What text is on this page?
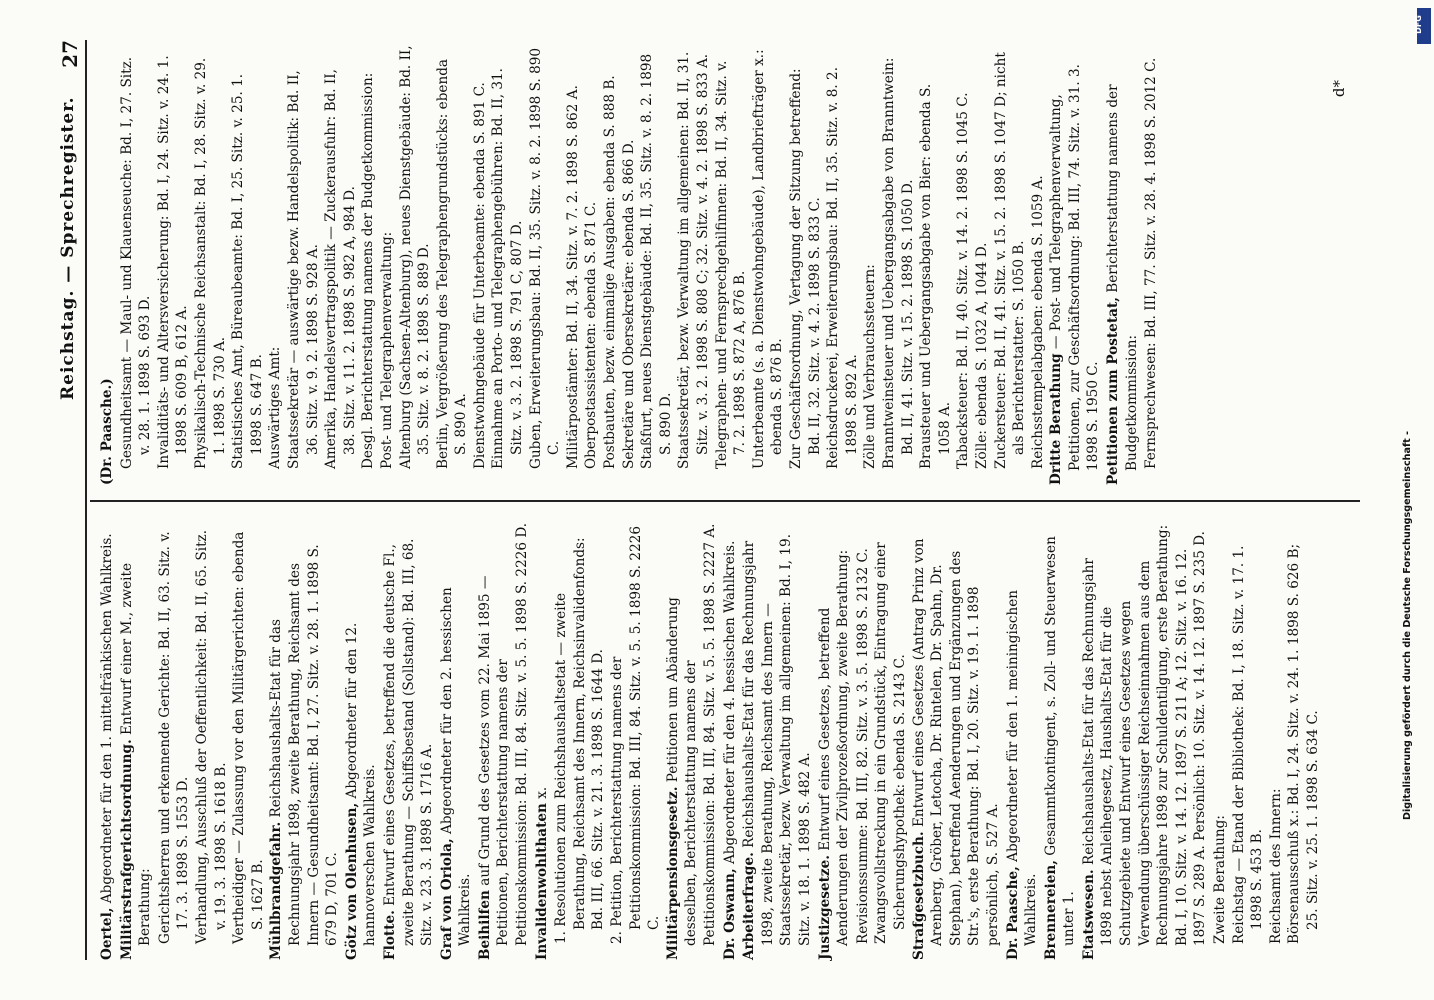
Reichstag. — Sprechregister.
27
Oertel, Abgeordneter für den 1. mittelfränkischen Wahlkreis. Militärstrafgerichtsordnung. Entwurf einer M., zweite Berathung: Gerichtsherren und erkennende Gerichte: Bd. II, 63. Sitz. v. 17. 3. 1898 S. 1553 D. Verhandlung, Ausschluß der Oeffentlichkeit: Bd. II, 65. Sitz. v. 19. 3. 1898 S. 1618 B. Vertheidiger — Zulassung vor den Militärgerichten: ebenda S. 1627 B. Mühlbrandgefahr. Reichshaushalts-Etat für das Rechnungsjahr 1898, zweite Berathung, Reichsamt des Innern — Gesundheitsamt: Bd. I, 27. Sitz. v. 28. 1. 1898 S. 679 D, 701 C. Götz von Olenhusen, Abgeordneter für den 12. hannoverschen Wahlkreis. Flotte. Entwurf eines Gesetzes, betreffend die deutsche Fl., zweite Berathung — Schiffsbestand (Sollstand): Bd. III, 68. Sitz. v. 23. 3. 1898 S. 1716 A. Graf von Oriola, Abgeordneter für den 2. hessischen Wahlkreis. Beihilfen auf Grund des Gesetzes vom 22. Mai 1895 — Petitionen, Berichterstattung namens der Petitionskommission: Bd. III, 84. Sitz. v. 5. 5. 1898 S. 2226 D. Invalidenwohlthaten x. 1. Resolutionen zum Reichshaushaltsetat — zweite Berathung, Reichsamt des Innern, Reichsinvalidenfonds: Bd. III, 66. Sitz. v. 21. 3. 1898 S. 1644 D. 2. Petition, Berichterstattung namens der Petitionskommission: Bd. III, 84. Sitz. v. 5. 5. 1898 S. 2226 C. Militärpensionsgesetz. Petitionen um Abänderung desselben, Berichterstattung namens der Petitionskommission: Bd. III, 84. Sitz. v. 5. 5. 1898 S. 2227 A. Dr. Oswann, Abgeordneter für den 4. hessischen Wahlkreis.
Arbeiterfrage. Reichshaushalts-Etat für das Rechnungsjahr 1898, zweite Berathung, Reichsamt des Innern — Staatssekretär, bezw. Verwaltung im allgemeinen: Bd. I, 19. Sitz. v. 18. 1. 1898 S. 482 A. Justizgesetze. Entwurf eines Gesetzes, betreffend Aenderungen der Zivilprozeßordnung, zweite Berathung: Revisionssumme: Bd. III, 82. Sitz. v. 3. 5. 1898 S. 2132 C. Zwangsvollstreckung in ein Grundstück, Eintragung einer Sicherungshypothek: ebenda S. 2143 C. Strafgesetzbuch. Entwurf eines Gesetzes (Antrag Prinz von Arenberg, Gröber, Letocha, Dr. Rintelen, Dr. Spahn, Dr. Stephan), betreffend Aenderungen und Ergänzungen des Str.'s, erste Berathung: Bd. I, 20. Sitz. v. 19. 1. 1898 persönlich, S. 527 A. Dr. Paasche, Abgeordneter für den 1. meiningischen Wahlkreis. Brennereien, Gesammtkontingent, s. Zoll- und Steuerwesen unter 1. Etatswesen. Reichshaushalts-Etat für das Rechnungsjahr 1898 nebst Anleihegesetz, Haushalts-Etat für die Schutzgebiete und Entwurf eines Gesetzes wegen Verwendung überschüssiger Reichseinnahmen aus dem Rechnungsjahre 1898 zur Schuldentilgung, erste Berathung: Bd. I, 10. Sitz. v. 14. 12. 1897 S. 211 A; 12. Sitz. v. 16. 12. 1897 S. 289 A. Persönlich: 10. Sitz. v. 14. 12. 1897 S. 235 D. Zweite Berathung: Reichstag — Etand der Bibliothek: Bd. I, 18. Sitz. v. 17. 1. 1898 S. 453 B. Reichsamt des Innern: Börsenausschuß x.: Bd. I, 24. Sitz. v. 24. 1. 1898 S. 626 B; 25. Sitz. v. 25. 1. 1898 S. 634 C.
(Dr. Paasche.) Gesundheitsamt — Maul- und Klauenseuche: Bd. I, 27. Sitz. v. 28. 1. 1898 S. 693 D. Invaliditäts- und Altersversicherung: Bd. I, 24. Sitz. v. 24. 1. 1898 S. 609 B, 612 A. Physikalisch-Technische Reichsanstalt: Bd. I, 28. Sitz. v. 29. 1. 1898 S. 730 A. Statistisches Amt, Büreaubeamte: Bd. I, 25. Sitz. v. 25. 1. 1898 S. 647 B. Auswärtiges Amt: Staatssekretär — auswärtige bezw. Handelspolitik: Bd. II, 36. Sitz. v. 9. 2. 1898 S. 928 A. Amerika, Handelsvertragspolitik — Zuckerausfuhr: Bd. II, 38. Sitz. v. 11. 2. 1898 S. 982 A, 984 D. Desgl. Berichterstattung namens der Budgetkommission: Post- und Telegraphenverwaltung: Altenburg (Sachsen-Altenburg), neues Dienstgebäude: Bd. II, 35. Sitz. v. 8. 2. 1898 S. 889 D. Berlin, Vergrößerung des Telegraphengrundstücks: ebenda S. 890 A. Dienstwohngebäude für Unterbeamte: ebenda S. 891 C. Einnahme an Porto- und Telegraphengebühren: Bd. II, 31. Sitz. v. 3. 2. 1898 S. 791 C, 807 D. Guben, Erweiterungsbau: Bd. II, 35. Sitz. v. 8. 2. 1898 S. 890 C. Militärpostämter: Bd. II, 34. Sitz. v. 7. 2. 1898 S. 862 A. Oberpostassistenten: ebenda S. 871 C. Postbauten, bezw. einmalige Ausgaben: ebenda S. 888 B. Sekretäre und Obersekretäre: ebenda S. 866 D. Staßfurt, neues Dienstgebäude: Bd. II, 35. Sitz. v. 8. 2. 1898 S. 890 D. Staatssekretär, bezw. Verwaltung im allgemeinen: Bd. II, 31. Sitz. v. 3. 2. 1898 S. 808 C; 32. Sitz. v. 4. 2. 1898 S. 833 A. Telegraphen- und Fernsprechgehilfinnen: Bd. II, 34. Sitz. v. 7. 2. 1898 S. 872 A, 876 B. Unterbeamte (s. a. Dienstwohngebäude), Landbriefträger x.: ebenda S. 876 B. Zur Geschäftsordnung, Vertagung der Sitzung betreffend: Bd. II, 32. Sitz. v. 4. 2. 1898 S. 833 C. Reichsdruckerei, Erweiterungsbau: Bd. II, 35. Sitz. v. 8. 2. 1898 S. 892 A. Zölle und Verbrauchssteuern: Branntweinsteuer und Uebergangsabgabe von Branntwein: Bd. II, 41. Sitz. v. 15. 2. 1898 S. 1050 D. Brausteuer und Uebergangsabgabe von Bier: ebenda S. 1058 A. Tabacksteuer: Bd. II, 40. Sitz. v. 14. 2. 1898 S. 1045 C. Zölle: ebenda S. 1032 A, 1044 D. Zuckersteuer: Bd. II, 41. Sitz. v. 15. 2. 1898 S. 1047 D; nicht als Berichterstatter: S. 1050 B. Reichsstempelabgaben: ebenda S. 1059 A. Dritte Berathung — Post- und Telegraphenverwaltung, Petitionen, zur Geschäftsordnung: Bd. III, 74. Sitz. v. 31. 3. 1898 S. 1950 C. Petitionen zum Postetat, Berichterstattung namens der Budgetkommission: Fernsprechwesen: Bd. III, 77. Sitz. v. 28. 4. 1898 S. 2012 C.	d*
DFG
Digitalisierung gefördert durch die Deutsche Forschungsgemeinschaft -
